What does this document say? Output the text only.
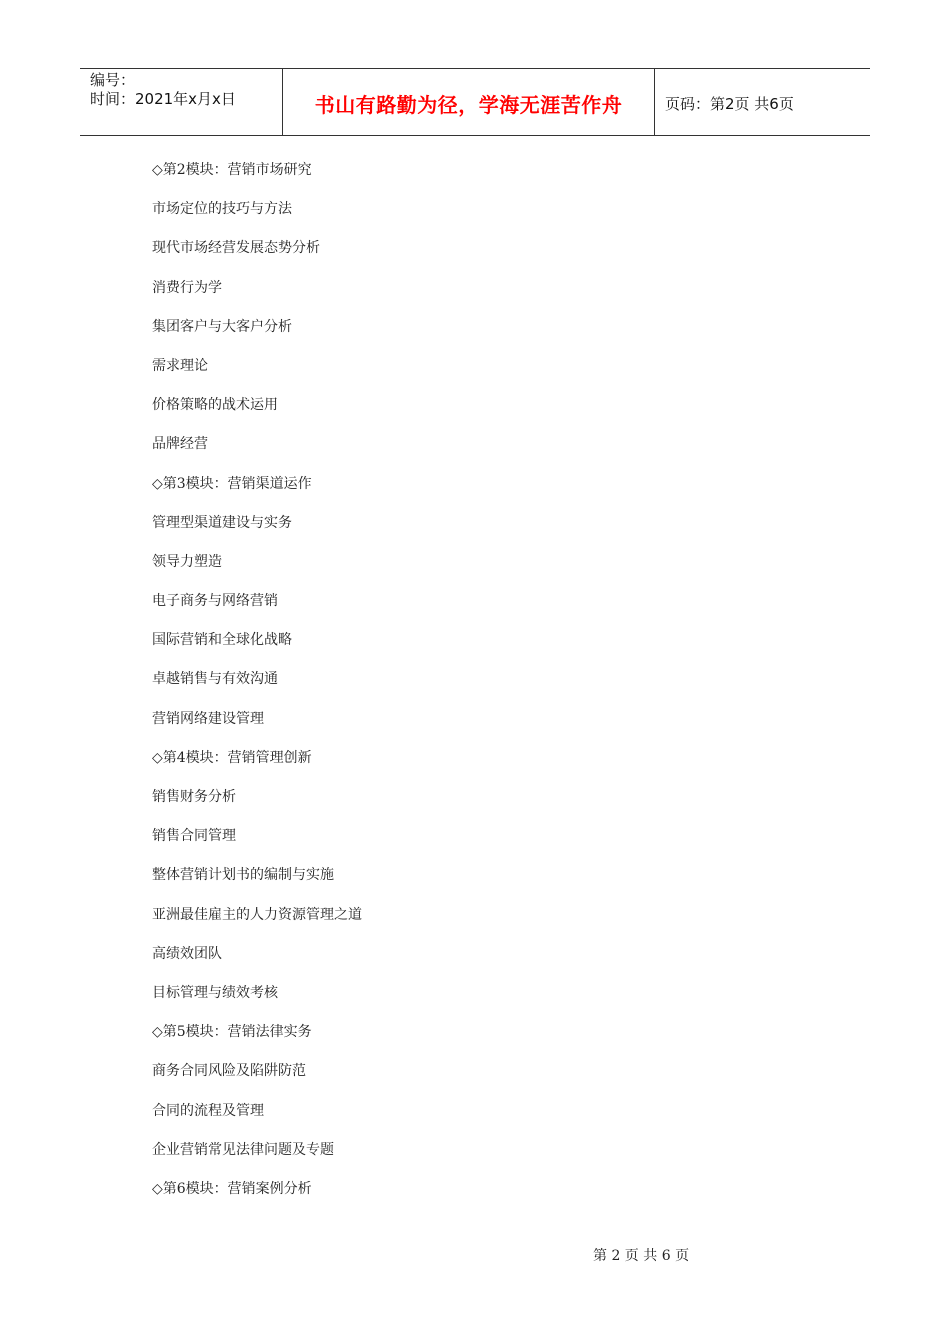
编号：
时间：2021年x月x日	书山有路勤为径，学海无涯苦作舟	页码：第2页 共6页
◇第2模块：营销市场研究
市场定位的技巧与方法
现代市场经营发展态势分析
消费行为学
集团客户与大客户分析
需求理论
价格策略的战术运用
品牌经营
◇第3模块：营销渠道运作
管理型渠道建设与实务
领导力塑造
电子商务与网络营销
国际营销和全球化战略
卓越销售与有效沟通
营销网络建设管理
◇第4模块：营销管理创新
销售财务分析
销售合同管理
整体营销计划书的编制与实施
亚洲最佳雇主的人力资源管理之道
高绩效团队
目标管理与绩效考核
◇第5模块：营销法律实务
商务合同风险及陷阱防范
合同的流程及管理
企业营销常见法律问题及专题
◇第6模块：营销案例分析
第 2 页 共 6 页
